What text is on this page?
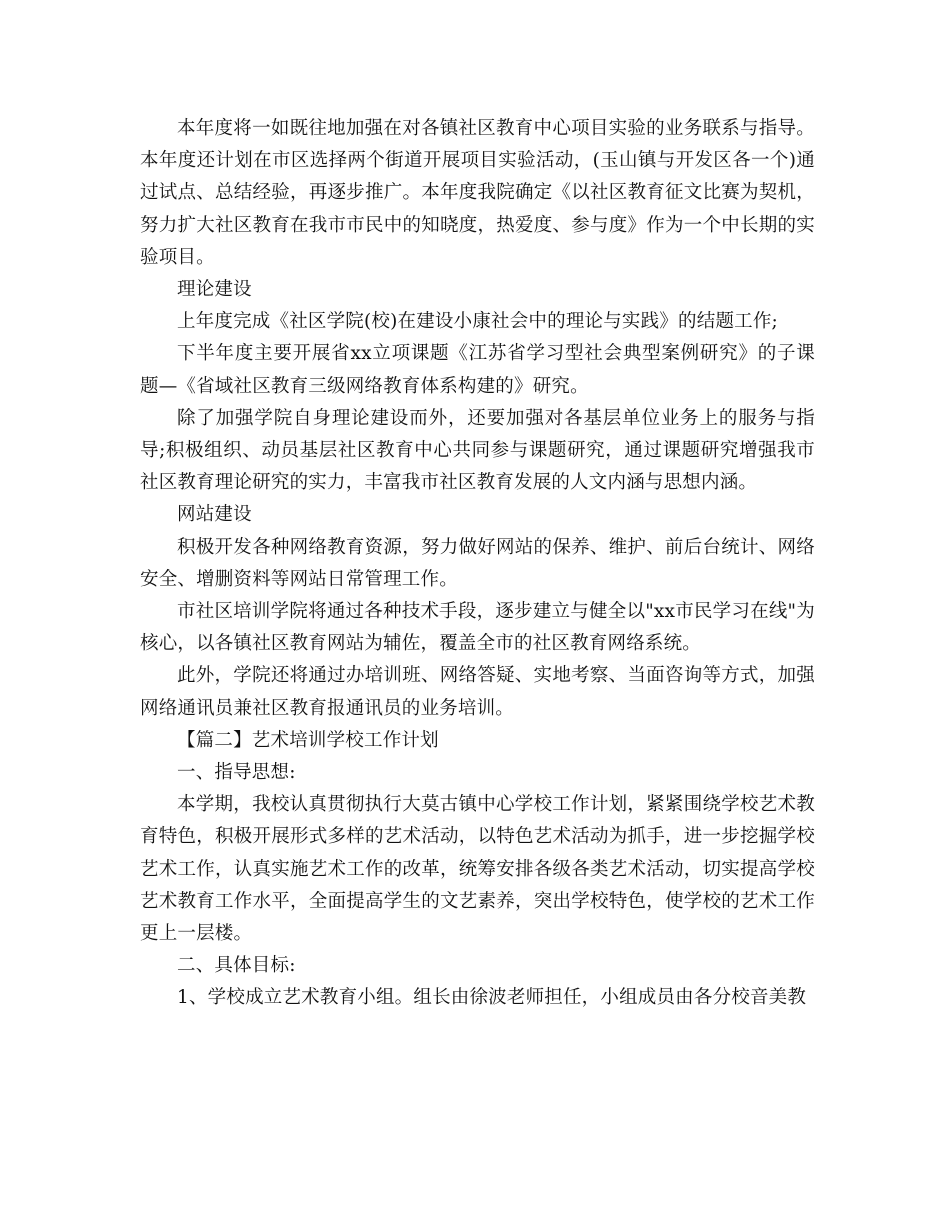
本年度将一如既往地加强在对各镇社区教育中心项目实验的业务联系与指导。本年度还计划在市区选择两个街道开展项目实验活动，(玉山镇与开发区各一个)通过试点、总结经验，再逐步推广。本年度我院确定《以社区教育征文比赛为契机，努力扩大社区教育在我市市民中的知晓度，热爱度、参与度》作为一个中长期的实验项目。

理论建设

上年度完成《社区学院(校)在建设小康社会中的理论与实践》的结题工作;

下半年度主要开展省xx立项课题《江苏省学习型社会典型案例研究》的子课题—《省域社区教育三级网络教育体系构建的》研究。

除了加强学院自身理论建设而外，还要加强对各基层单位业务上的服务与指导;积极组织、动员基层社区教育中心共同参与课题研究，通过课题研究增强我市社区教育理论研究的实力，丰富我市社区教育发展的人文内涵与思想内涵。

网站建设

积极开发各种网络教育资源，努力做好网站的保养、维护、前后台统计、网络安全、增删资料等网站日常管理工作。

市社区培训学院将通过各种技术手段，逐步建立与健全以"xx市民学习在线"为核心，以各镇社区教育网站为辅佐，覆盖全市的社区教育网络系统。

此外，学院还将通过办培训班、网络答疑、实地考察、当面咨询等方式，加强网络通讯员兼社区教育报通讯员的业务培训。

【篇二】艺术培训学校工作计划

一、指导思想:

本学期，我校认真贯彻执行大莫古镇中心学校工作计划，紧紧围绕学校艺术教育特色，积极开展形式多样的艺术活动，以特色艺术活动为抓手，进一步挖掘学校艺术工作，认真实施艺术工作的改革，统筹安排各级各类艺术活动，切实提高学校艺术教育工作水平，全面提高学生的文艺素养，突出学校特色，使学校的艺术工作更上一层楼。

二、具体目标:

1、学校成立艺术教育小组。组长由徐波老师担任，小组成员由各分校音美教
